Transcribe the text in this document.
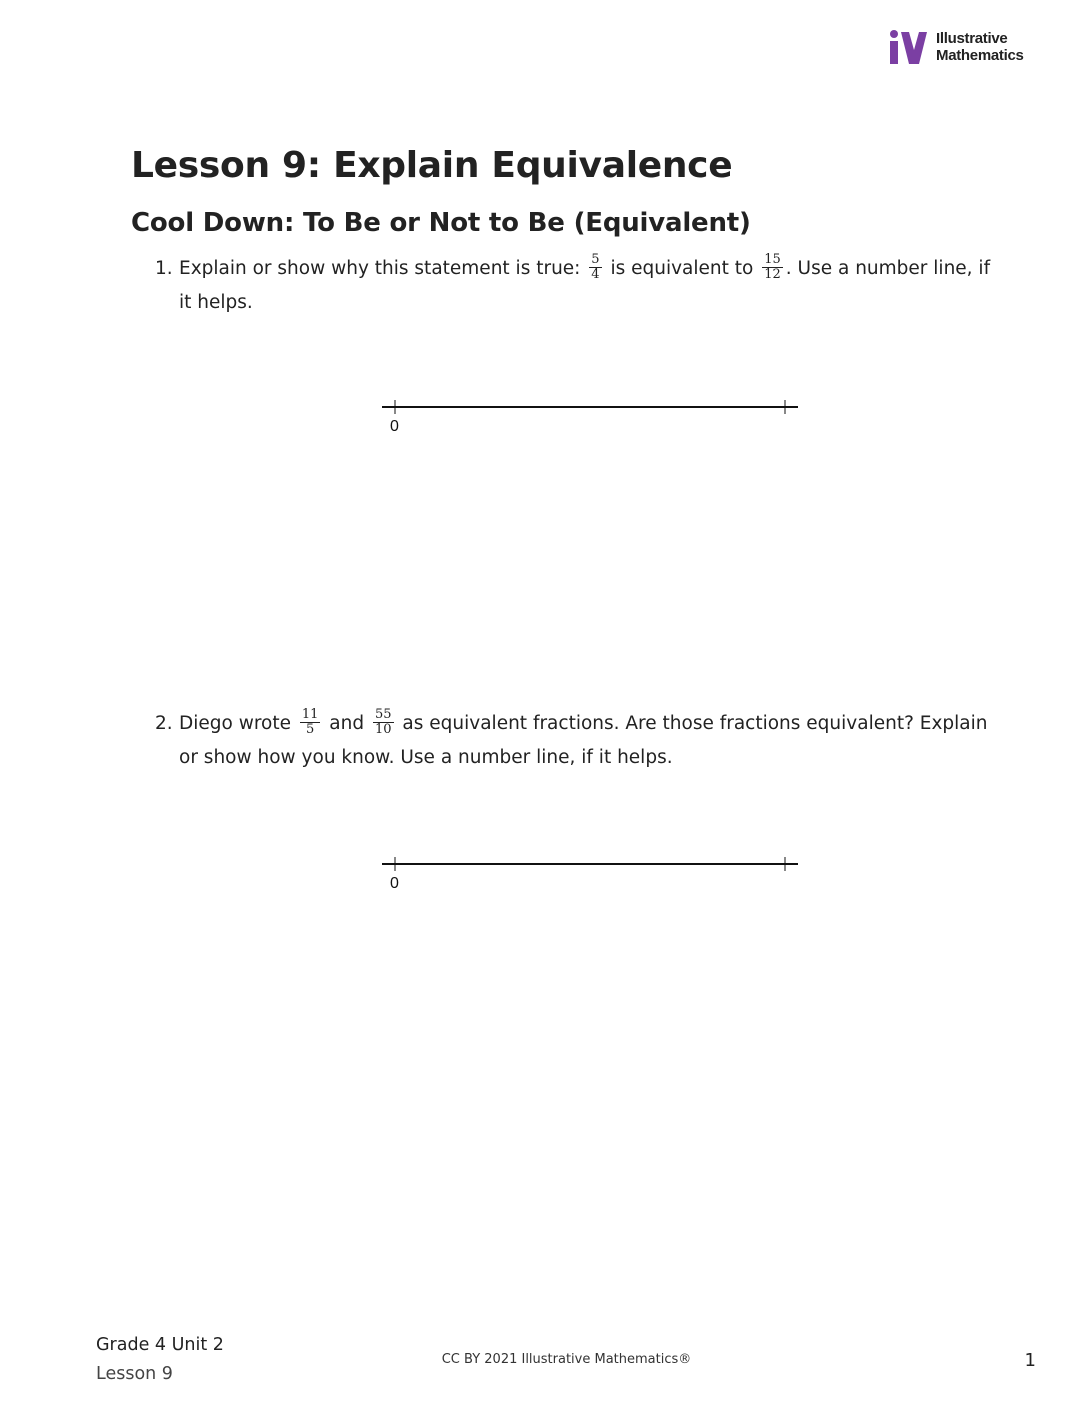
Illustrative
Mathematics
Lesson 9: Explain Equivalence
Cool Down: To Be or Not to Be (Equivalent)
1. Explain or show why this statement is true: $\frac{5}{4}$ is equivalent to $\frac{15}{12}$ . Use a number line, if it helps.
0
2. Diego wrote $\frac{11}{5}$ and $\frac{55}{10}$ as equivalent fractions. Are those fractions equivalent? Explain or show how you know. Use a number line, if it helps.
0
Grade 4 Unit 2
Lesson 9
CC BY 2021 Illustrative Mathematics®	1
